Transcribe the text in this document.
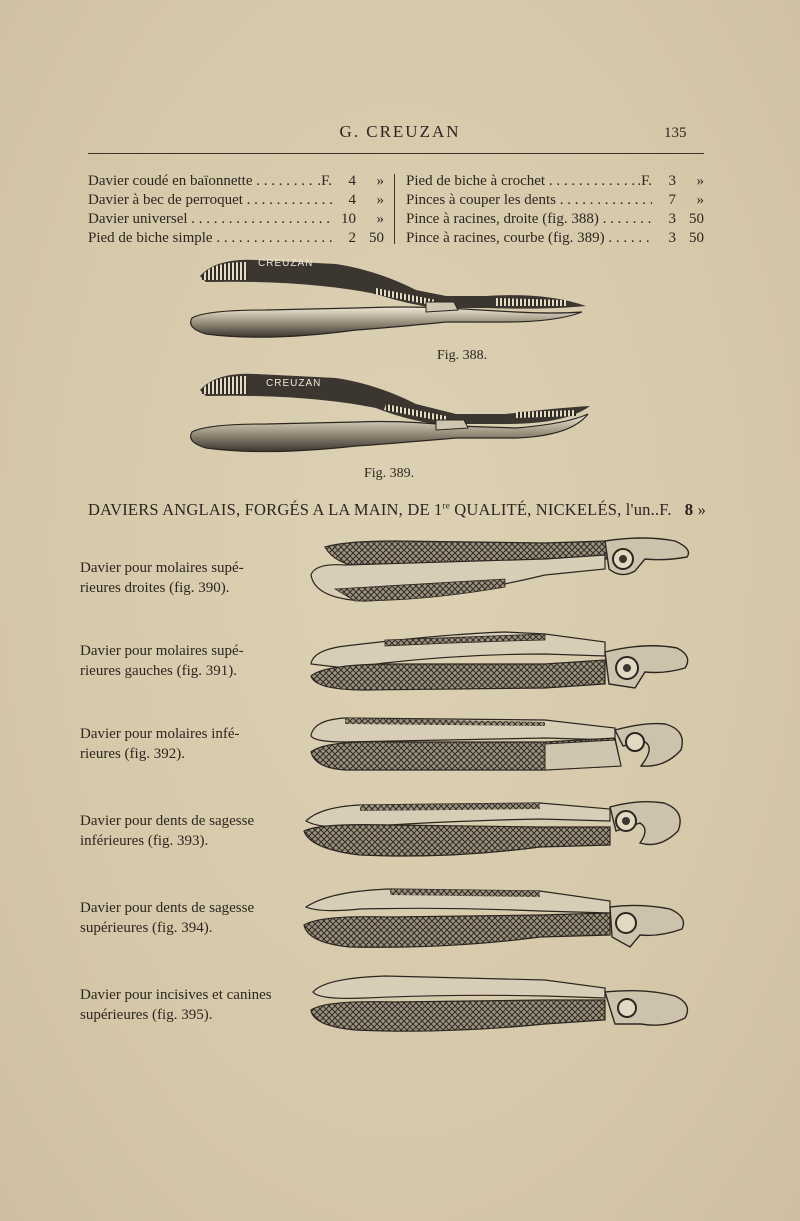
G. CREUZAN	135
Davier coudé en baïonnette . . .	.F.	4	»
Davier à bec de perroquet . . .	4	»
Davier universel . . .	10	»
Pied de biche simple . . .	2 50
Pied de biche à crochet . . .	.F.	3	»
Pinces à couper les dents . . .	7	»
Pince à racines, droite (fig. 388) . . .	3 50
Pince à racines, courbe (fig. 389) . . .	3 50
Fig. 388.
CREUZAN
Fig. 389.
CREUZAN
DAVIERS ANGLAIS, FORGÉS A LA MAIN, DE 1re QUALITÉ, NICKELÉS, l'un..F. 8 »
Davier pour molaires supé-
rieures droites (fig. 390).
Davier pour molaires supé-
rieures gauches (fig. 391).
Davier pour molaires infé-
rieures (fig. 392).
Davier pour dents de sagesse
inférieures (fig. 393).
Davier pour dents de sagesse
supérieures (fig. 394).
Davier pour incisives et canines
supérieures (fig. 395).
